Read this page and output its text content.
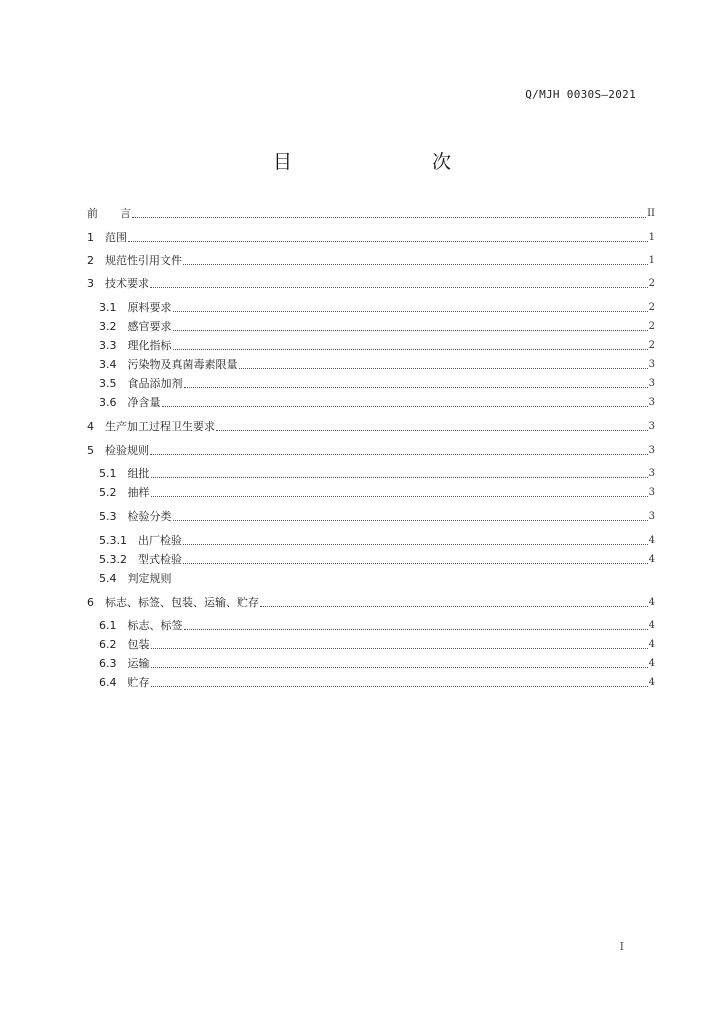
Q/MJH 0030S—2021
目　　次
前　　言	II
1　 范围	1
2　 规范性引用文件	1
3　 技术要求	2
3.1　 原料要求	2
3.2　 感官要求	2
3.3　 理化指标	2
3.4　 污染物及真菌毒素限量	3
3.5　 食品添加剂	3
3.6　 净含量	3
4　 生产加工过程卫生要求	3
5　 检验规则	3
5.1　 组批	3
5.2　 抽样	3
5.3　 检验分类	3
5.3.1　 出厂检验	4
5.3.2　 型式检验	4
5.4　 判定规则
6　 标志、标签、包装、运输、贮存	4
6.1　 标志、标签	4
6.2　 包装	4
6.3　 运输	4
6.4　 贮存	4
I
